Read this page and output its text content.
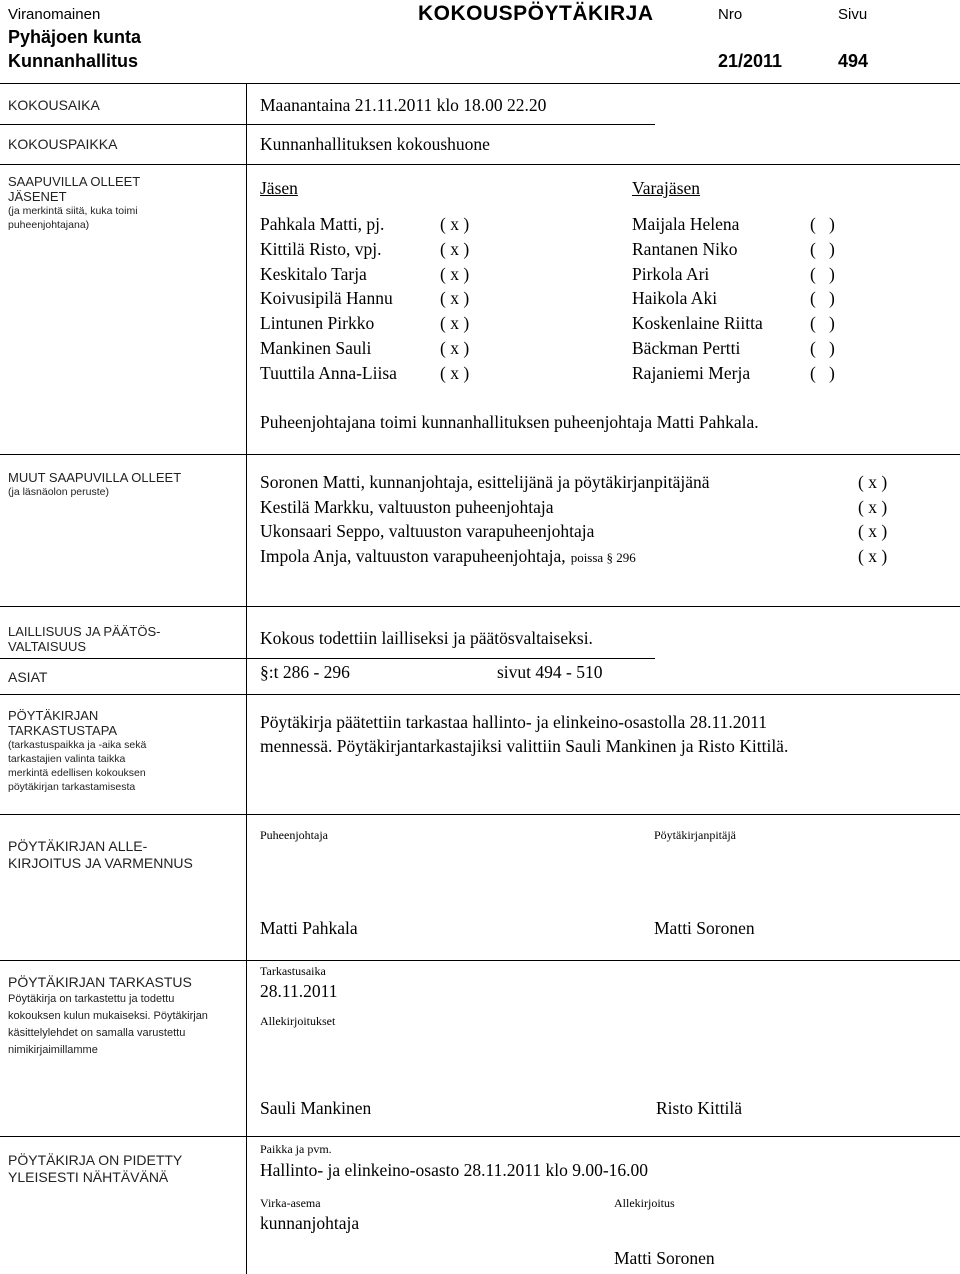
Viranomainen	KOKOUSPÖYTÄKIRJA	Nro	Sivu
Pyhäjoen kunta
Kunnanhallitus	21/2011	494
KOKOUSAIKA	Maanantaina 21.11.2011 klo 18.00 22.20
KOKOUSPAIKKA	Kunnanhallituksen kokoushuone
SAAPUVILLA OLLEET
JÄSENET
(ja merkintä siitä, kuka toimi
puheenjohtajana)
Jäsen	Varajäsen
Pahkala Matti, pj.	( x )	Maijala Helena	(   )
Kittilä Risto, vpj.	( x )	Rantanen Niko	(   )
Keskitalo Tarja	( x )	Pirkola Ari	(   )
Koivusipilä Hannu	( x )	Haikola Aki	(   )
Lintunen Pirkko	( x )	Koskenlaine Riitta	(   )
Mankinen Sauli	( x )	Bäckman Pertti	(   )
Tuuttila Anna-Liisa ( x )	Rajaniemi Merja	(   )
Puheenjohtajana toimi kunnanhallituksen puheenjohtaja Matti Pahkala.
MUUT SAAPUVILLA OLLEET
(ja läsnäolon peruste)	Soronen Matti, kunnanjohtaja, esittelijänä ja pöytäkirjanpitäjänä	( x )
Kestilä Markku, valtuuston puheenjohtaja	( x )
Ukonsaari Seppo, valtuuston varapuheenjohtaja	( x )
Impola Anja, valtuuston varapuheenjohtaja, poissa § 296	( x )
LAILLISUUS JA PÄÄTÖS-
VALTAISUUS	Kokous todettiin lailliseksi ja päätösvaltaiseksi.
ASIAT	§:t 286 - 296	sivut 494 - 510
PÖYTÄKIRJAN
TARKASTUSTAPA
(tarkastuspaikka ja -aika sekä
tarkastajien valinta taikka
merkintä edellisen kokouksen
pöytäkirjan tarkastamisesta
Pöytäkirja päätettiin tarkastaa hallinto- ja elinkeino-osastolla 28.11.2011
mennessä. Pöytäkirjantarkastajiksi valittiin Sauli Mankinen ja Risto Kittilä.
PÖYTÄKIRJAN ALLE-
KIRJOITUS JA VARMENNUS
Puheenjohtaja	Pöytäkirjanpitäjä
Matti Pahkala	Matti Soronen
PÖYTÄKIRJAN TARKASTUS
Pöytäkirja on tarkastettu ja todettu
kokouksen kulun mukaiseksi. Pöytäkirjan
käsittelylehdet on samalla varustettu
nimikirjaimillamme
Tarkastusaika
28.11.2011
Allekirjoitukset
Sauli Mankinen	Risto Kittilä
PÖYTÄKIRJA ON PIDETTY
YLEISESTI NÄHTÄVÄNÄ
Paikka ja pvm.
Hallinto- ja elinkeino-osasto 28.11.2011 klo 9.00-16.00
Virka-asema	Allekirjoitus
kunnanjohtaja
Matti Soronen
